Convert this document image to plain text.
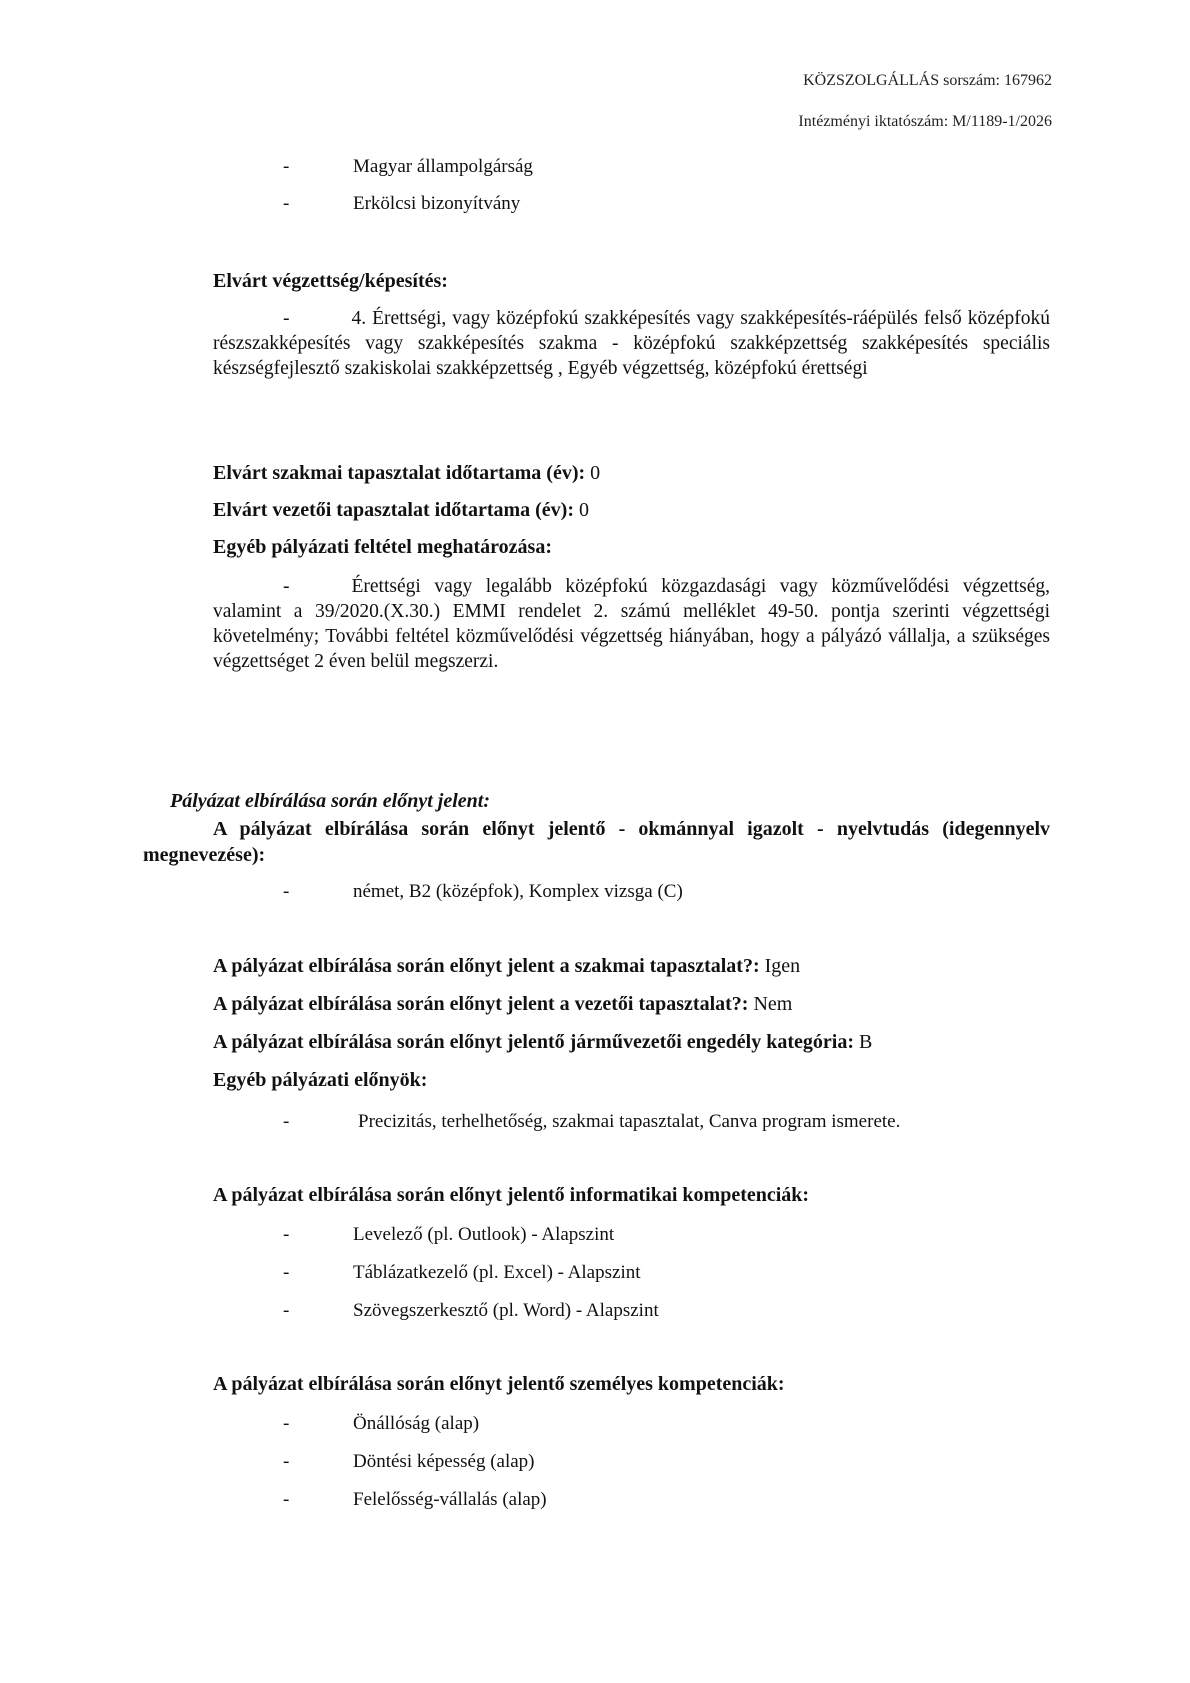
KÖZSZOLGÁLLÁS sorszám: 167962
Intézményi iktatószám: M/1189-1/2026
-	Magyar állampolgárság
-	Erkölcsi bizonyítvány
Elvárt végzettség/képesítés:
-	4. Érettségi, vagy középfokú szakképesítés vagy szakképesítés-ráépülés felső középfokú részszakképesítés vagy szakképesítés szakma - középfokú szakképzettség szakképesítés speciális készségfejlesztő szakiskolai szakképzettség , Egyéb végzettség, középfokú érettségi
Elvárt szakmai tapasztalat időtartama (év): 0
Elvárt vezetői tapasztalat időtartama (év): 0
Egyéb pályázati feltétel meghatározása:
-	Érettségi vagy legalább középfokú közgazdasági vagy közművelődési végzettség, valamint a 39/2020.(X.30.) EMMI rendelet 2. számú melléklet 49-50. pontja szerinti végzettségi követelmény; További feltétel közművelődési végzettség hiányában, hogy a pályázó vállalja, a szükséges végzettséget 2 éven belül megszerzi.
Pályázat elbírálása során előnyt jelent:
A pályázat elbírálása során előnyt jelentő - okmánnyal igazolt - nyelvtudás (idegennyelv megnevezése):
-	német, B2 (középfok), Komplex vizsga (C)
A pályázat elbírálása során előnyt jelent a szakmai tapasztalat?: Igen
A pályázat elbírálása során előnyt jelent a vezetői tapasztalat?: Nem
A pályázat elbírálása során előnyt jelentő járművezetői engedély kategória: B
Egyéb pályázati előnyök:
-	Precizitás, terhelhetőség, szakmai tapasztalat, Canva program ismerete.
A pályázat elbírálása során előnyt jelentő informatikai kompetenciák:
-	Levelező (pl. Outlook) - Alapszint
-	Táblázatkezelő (pl. Excel) - Alapszint
-	Szövegszerkesztő (pl. Word) - Alapszint
A pályázat elbírálása során előnyt jelentő személyes kompetenciák:
-	Önállóság (alap)
-	Döntési képesség (alap)
-	Felelősség-vállalás (alap)
